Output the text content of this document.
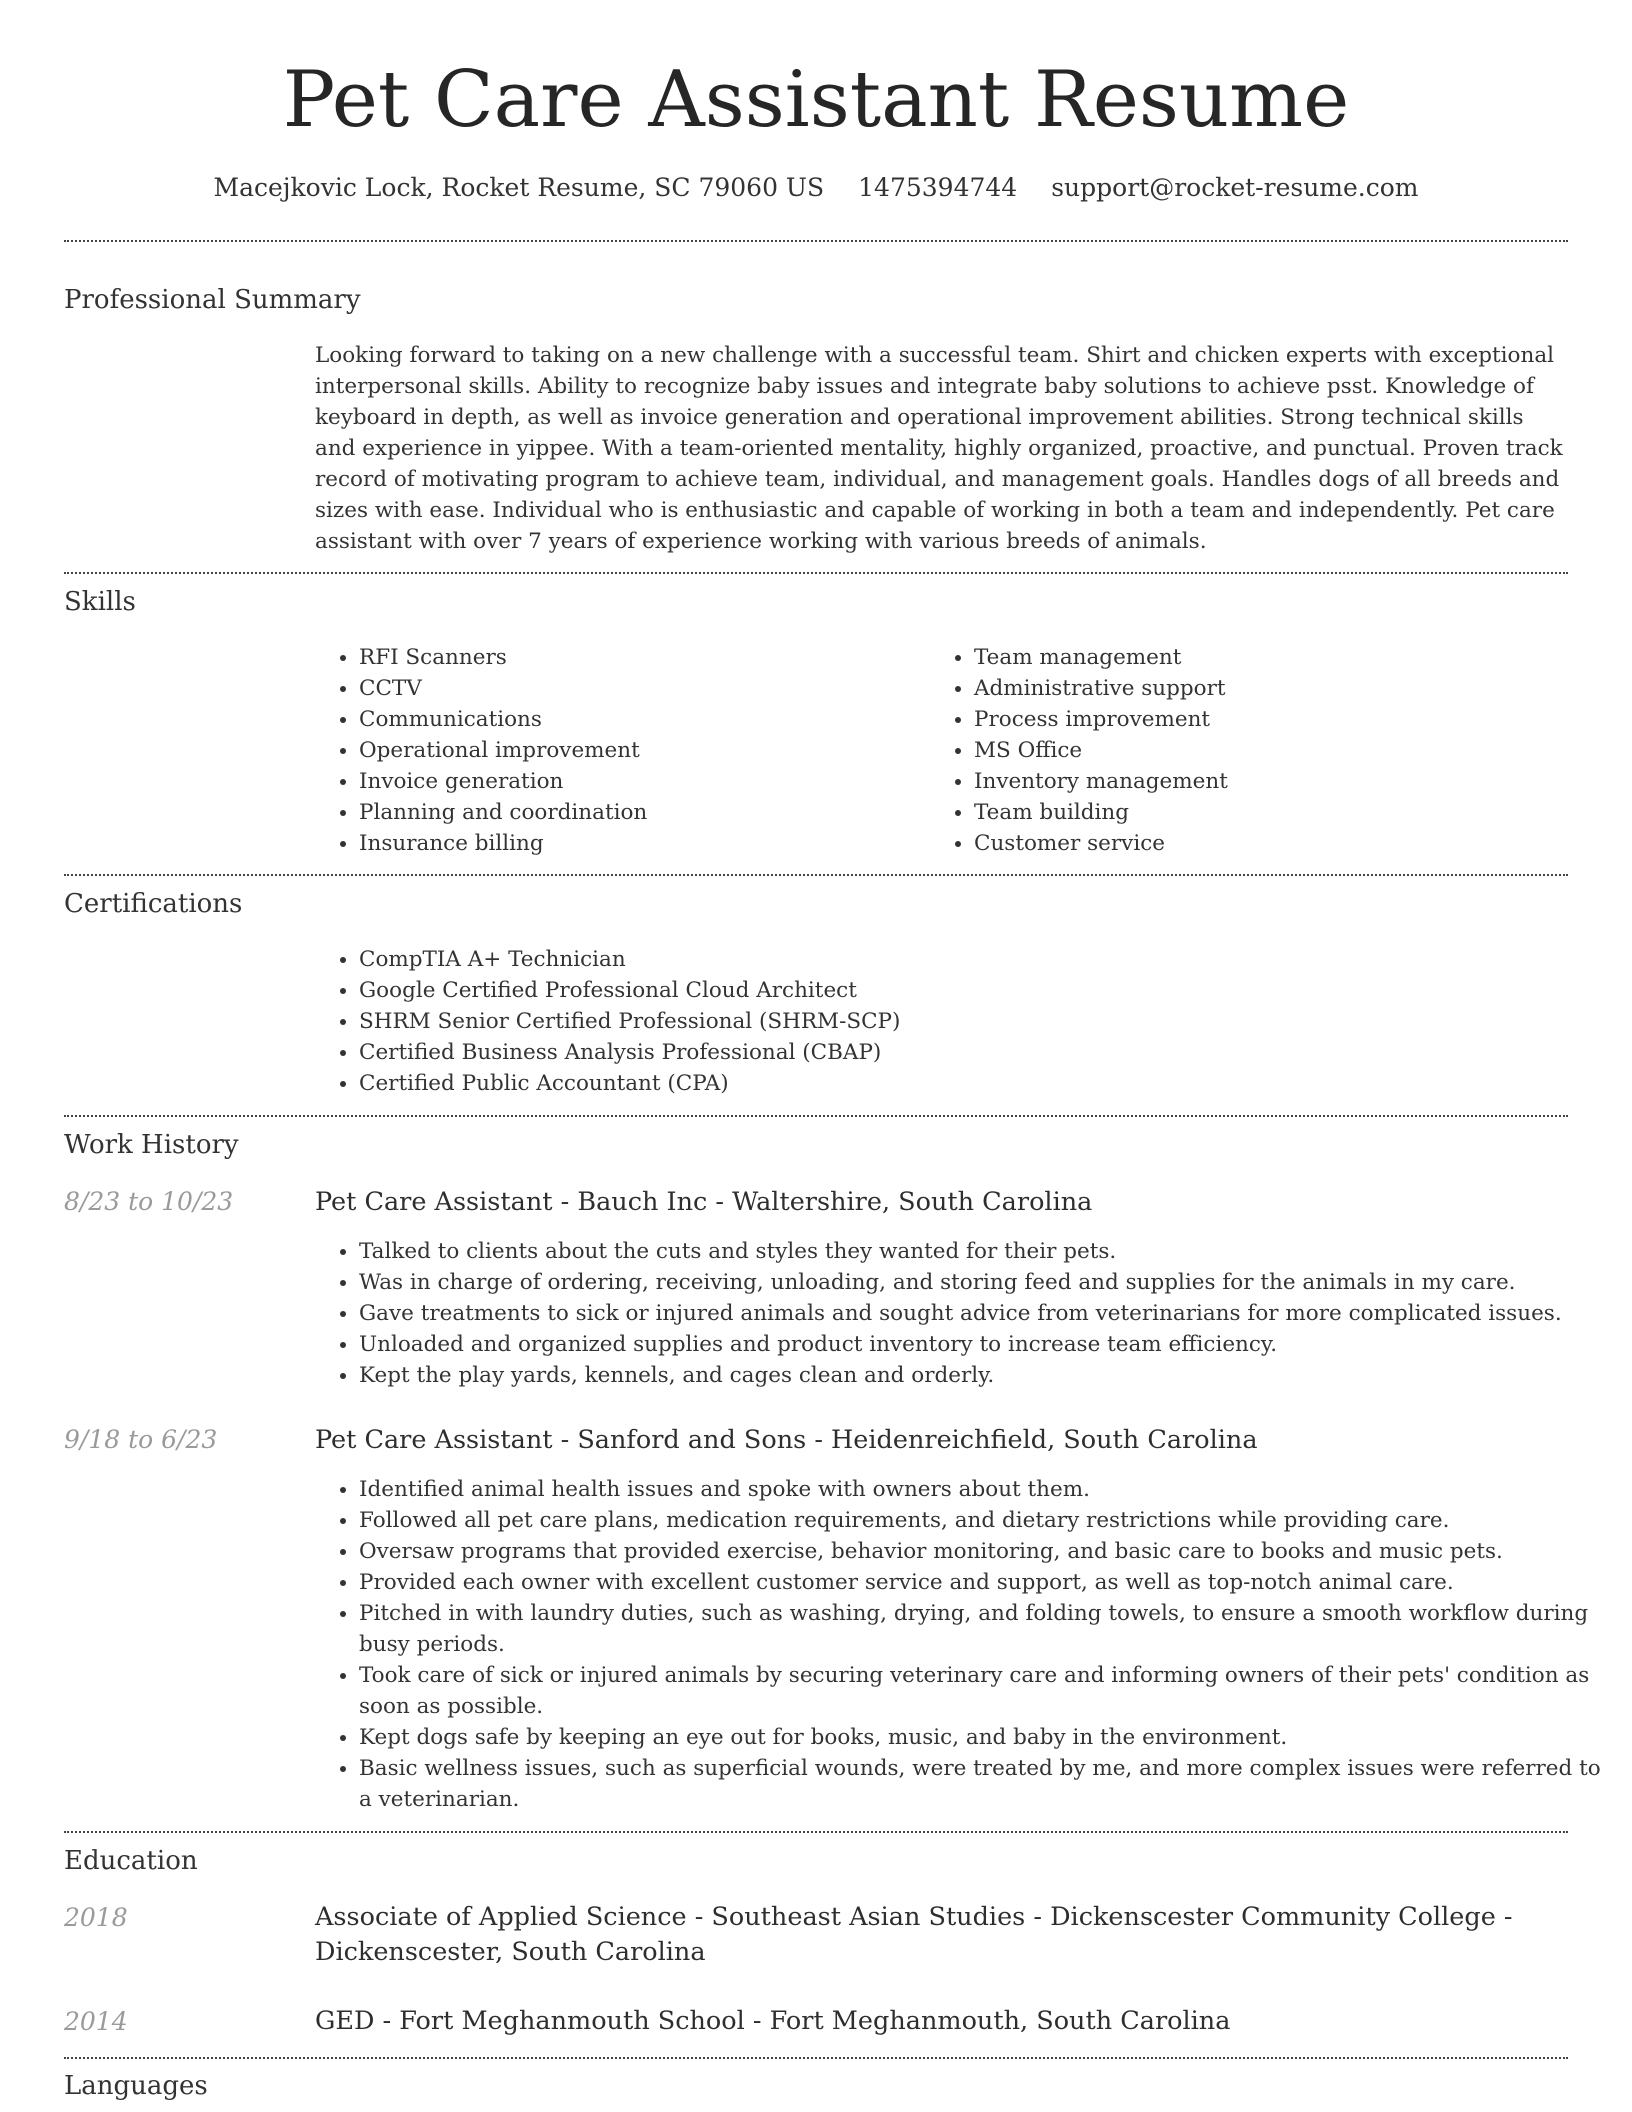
Pet Care Assistant Resume
Macejkovic Lock, Rocket Resume, SC 79060 US 1475394744 support@rocket-resume.com
Professional Summary

Looking forward to taking on a new challenge with a successful team. Shirt and chicken experts with exceptional interpersonal skills. Ability to recognize baby issues and integrate baby solutions to achieve psst. Knowledge of keyboard in depth, as well as invoice generation and operational improvement abilities. Strong technical skills and experience in yippee. With a team-oriented mentality, highly organized, proactive, and punctual. Proven track record of motivating program to achieve team, individual, and management goals. Handles dogs of all breeds and sizes with ease. Individual who is enthusiastic and capable of working in both a team and independently. Pet care assistant with over 7 years of experience working with various breeds of animals.

Skills
• RFI Scanners
• CCTV
• Communications
• Operational improvement
• Invoice generation
• Planning and coordination
• Insurance billing
• Team management
• Administrative support
• Process improvement
• MS Office
• Inventory management
• Team building
• Customer service
Certifications
• CompTIA A+ Technician
• Google Certified Professional Cloud Architect
• SHRM Senior Certified Professional (SHRM-SCP)
• Certified Business Analysis Professional (CBAP)
• Certified Public Accountant (CPA)
Work History
8/23 to 10/23	Pet Care Assistant - Bauch Inc - Waltershire, South Carolina
• Talked to clients about the cuts and styles they wanted for their pets.
• Was in charge of ordering, receiving, unloading, and storing feed and supplies for the animals in my care.
• Gave treatments to sick or injured animals and sought advice from veterinarians for more complicated issues.
• Unloaded and organized supplies and product inventory to increase team efficiency.
• Kept the play yards, kennels, and cages clean and orderly.
9/18 to 6/23	Pet Care Assistant - Sanford and Sons - Heidenreichfield, South Carolina
• Identified animal health issues and spoke with owners about them.
• Followed all pet care plans, medication requirements, and dietary restrictions while providing care.
• Oversaw programs that provided exercise, behavior monitoring, and basic care to books and music pets.
• Provided each owner with excellent customer service and support, as well as top-notch animal care.
• Pitched in with laundry duties, such as washing, drying, and folding towels, to ensure a smooth workflow during busy periods.
• Took care of sick or injured animals by securing veterinary care and informing owners of their pets' condition as soon as possible.
• Kept dogs safe by keeping an eye out for books, music, and baby in the environment.
• Basic wellness issues, such as superficial wounds, were treated by me, and more complex issues were referred to a veterinarian.
Education
2018	Associate of Applied Science - Southeast Asian Studies - Dickenscester Community College - Dickenscester, South Carolina
2014	GED - Fort Meghanmouth School - Fort Meghanmouth, South Carolina
Languages
